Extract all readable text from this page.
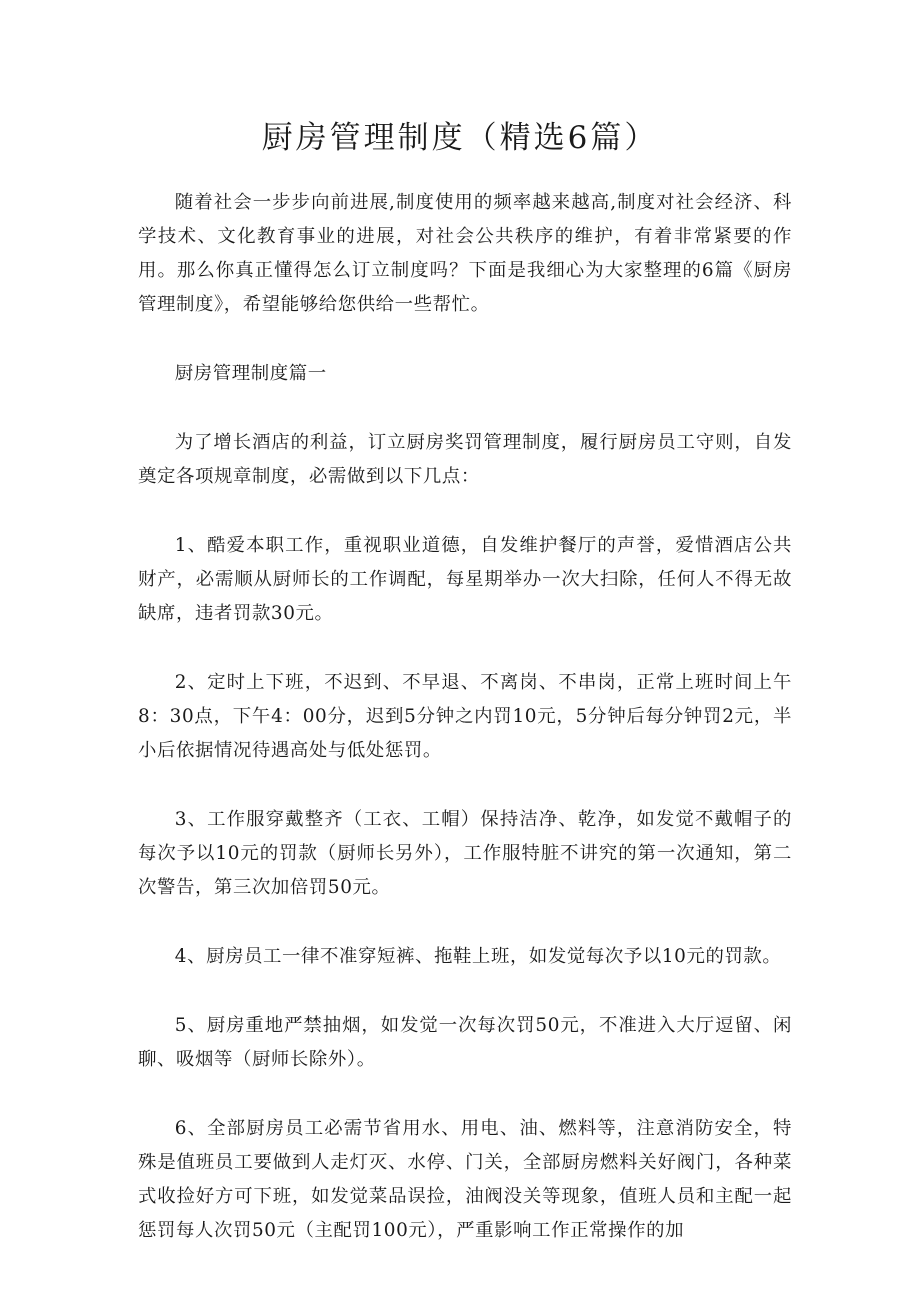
厨房管理制度（精选6篇）

随着社会一步步向前进展,制度使用的频率越来越高,制度对社会经济、科学技术、文化教育事业的进展，对社会公共秩序的维护，有着非常紧要的作用。那么你真正懂得怎么订立制度吗？下面是我细心为大家整理的6篇《厨房管理制度》，希望能够给您供给一些帮忙。

厨房管理制度篇一

为了增长酒店的利益，订立厨房奖罚管理制度，履行厨房员工守则，自发奠定各项规章制度，必需做到以下几点：

1、酷爱本职工作，重视职业道德，自发维护餐厅的声誉，爱惜酒店公共财产，必需顺从厨师长的工作调配，每星期举办一次大扫除，任何人不得无故缺席，违者罚款30元。

2、定时上下班，不迟到、不早退、不离岗、不串岗，正常上班时间上午8：30点，下午4：00分，迟到5分钟之内罚10元，5分钟后每分钟罚2元，半小后依据情况待遇高处与低处惩罚。

3、工作服穿戴整齐（工衣、工帽）保持洁净、乾净，如发觉不戴帽子的每次予以10元的罚款（厨师长另外），工作服特脏不讲究的第一次通知，第二次警告，第三次加倍罚50元。

4、厨房员工一律不准穿短裤、拖鞋上班，如发觉每次予以10元的罚款。

5、厨房重地严禁抽烟，如发觉一次每次罚50元，不准进入大厅逗留、闲聊、吸烟等（厨师长除外）。

6、全部厨房员工必需节省用水、用电、油、燃料等，注意消防安全，特殊是值班员工要做到人走灯灭、水停、门关，全部厨房燃料关好阀门，各种菜式收捡好方可下班，如发觉菜品误捡，油阀没关等现象，值班人员和主配一起惩罚每人次罚50元（主配罚100元），严重影响工作正常操作的加
